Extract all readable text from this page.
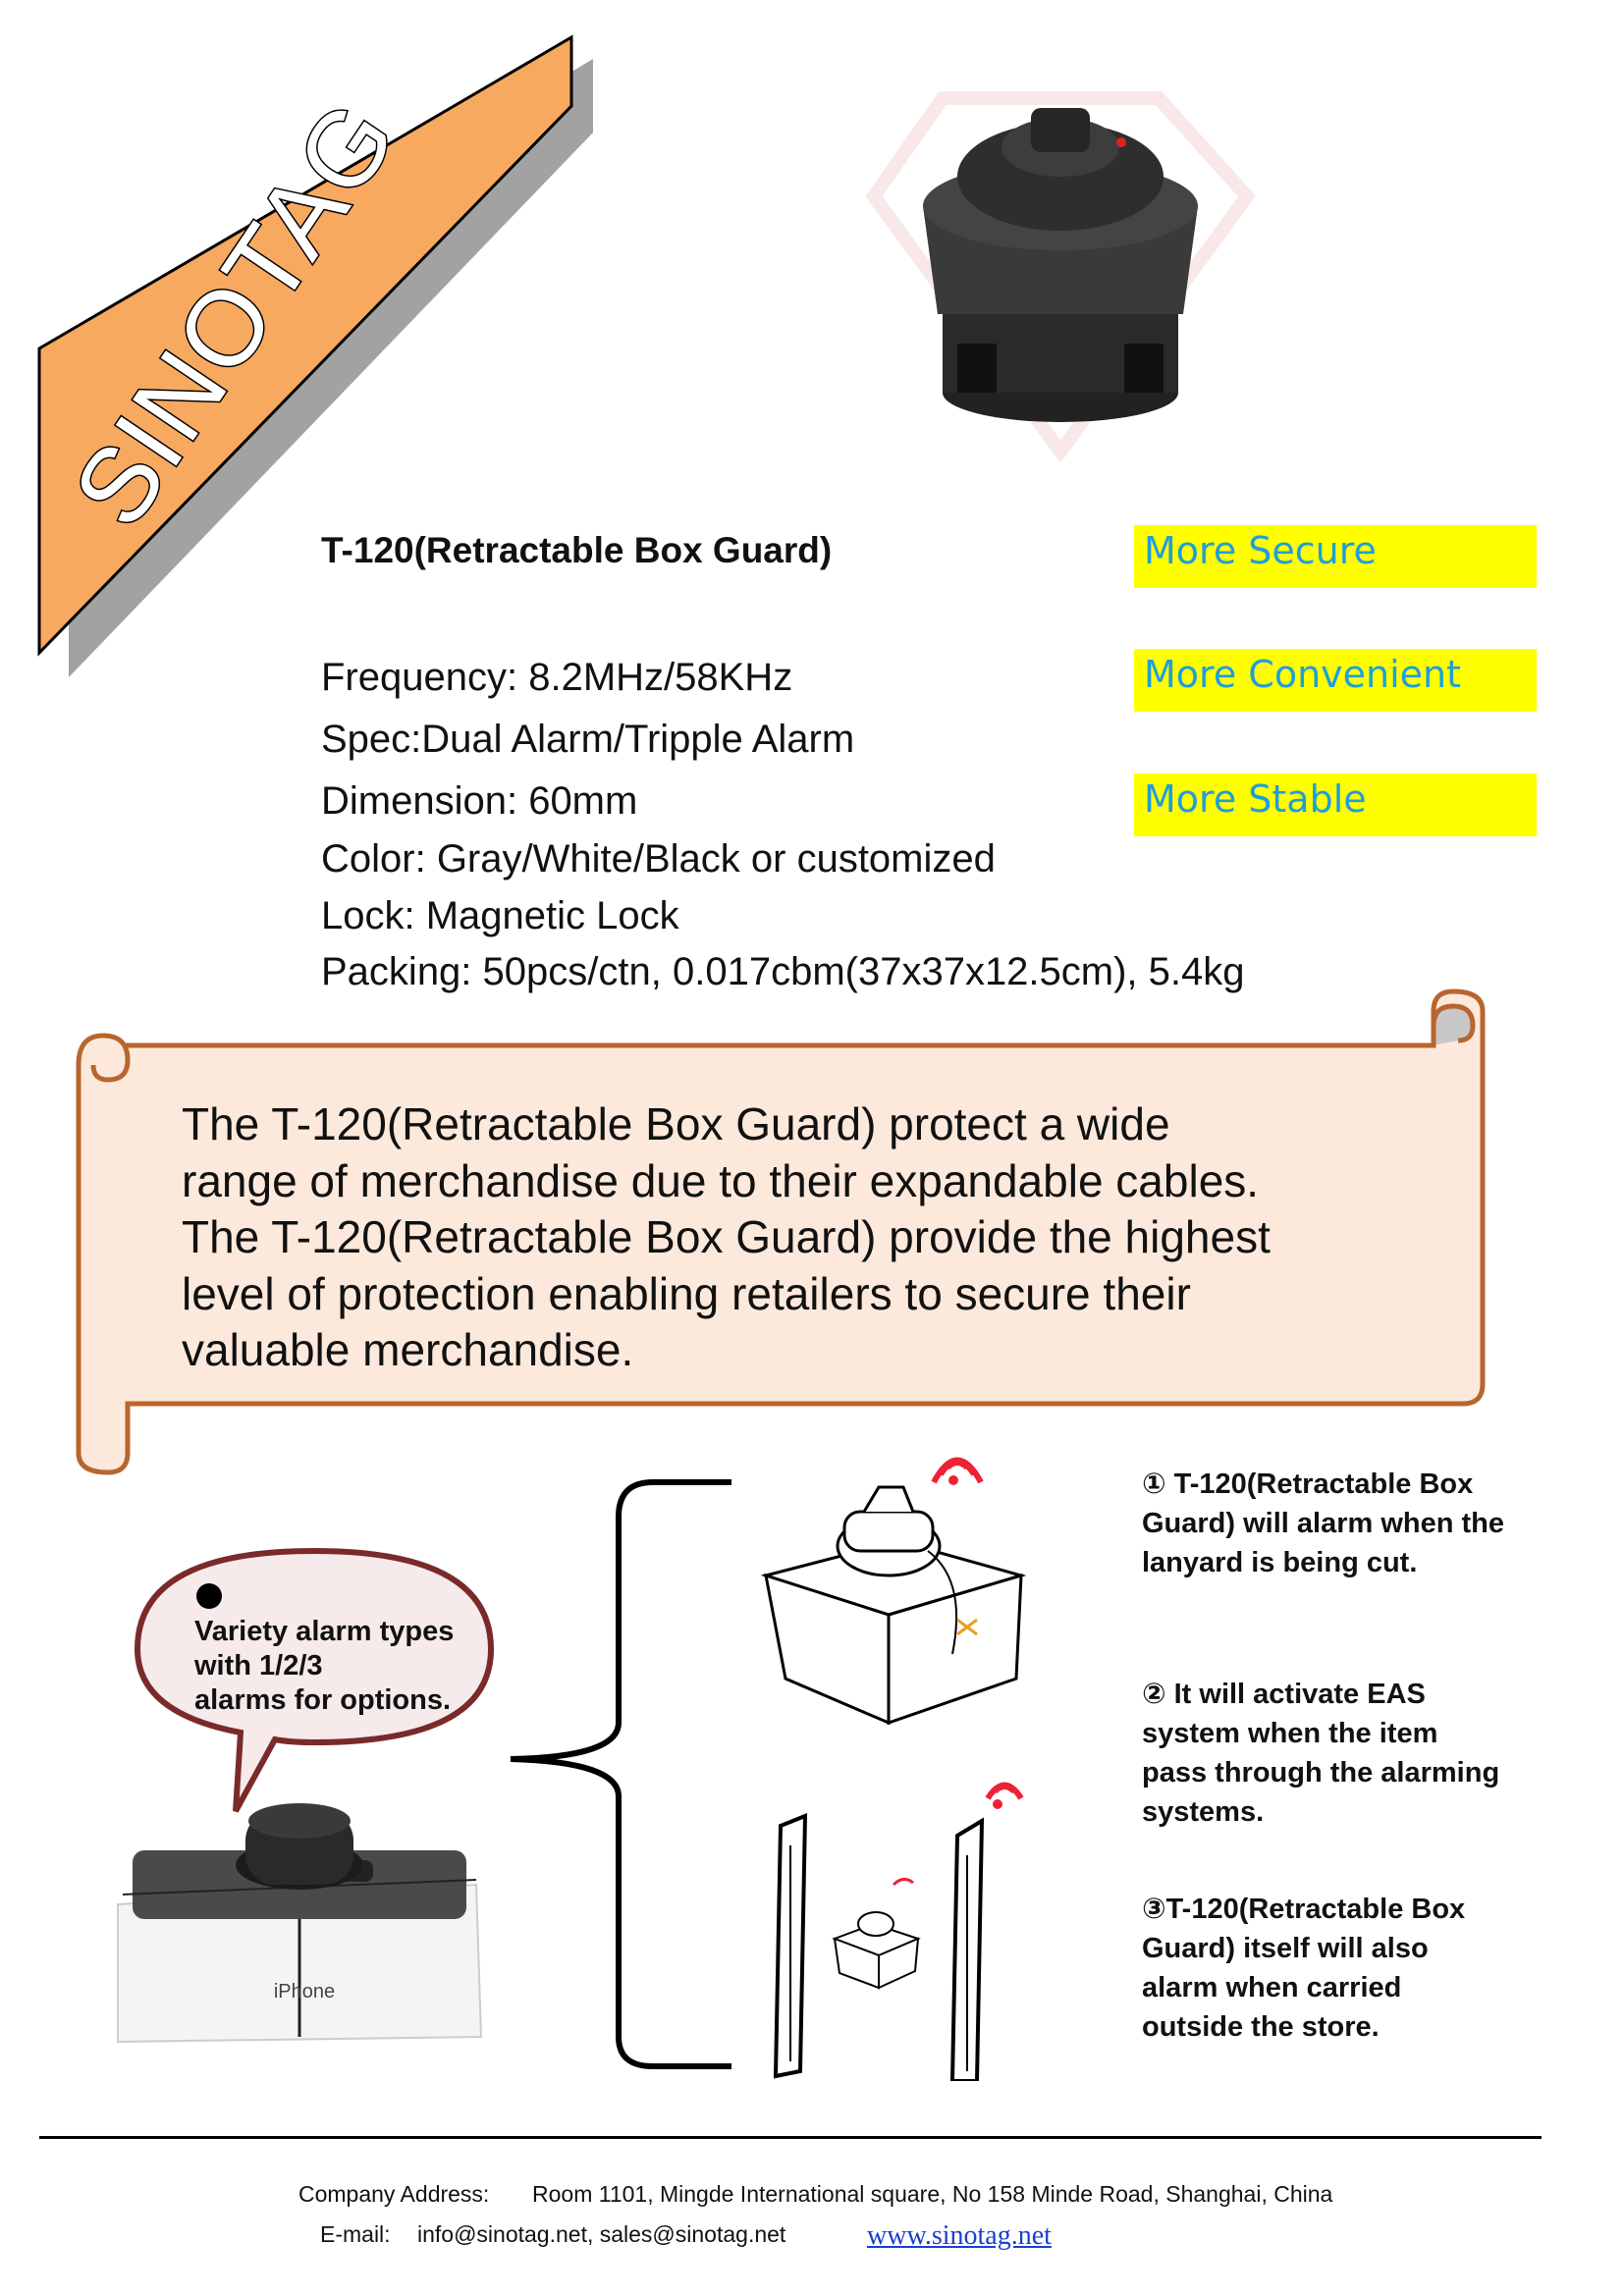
SINOTAG
T-120(Retractable Box Guard)
Frequency: 8.2MHz/58KHz
Spec:Dual Alarm/Tripple Alarm
Dimension: 60mm
Color: Gray/White/Black or customized
Lock: Magnetic Lock
Packing: 50pcs/ctn, 0.017cbm(37x37x12.5cm), 5.4kg
More Secure
More Convenient
More Stable
The T-120(Retractable Box Guard) protect a wide
range of merchandise due to their expandable cables.
The T-120(Retractable Box Guard) provide the highest
level of protection enabling retailers to secure their
valuable merchandise.
Variety alarm types
with 1/2/3
alarms for options.
iPhone
① T-120(Retractable Box
Guard) will alarm when the
lanyard is being cut.
② It will activate EAS
system when the item
pass through the alarming
systems.
③T-120(Retractable Box
Guard) itself will also
alarm when carried
outside the store.
Company Address: Room 1101, Mingde International square, No 158 Minde Road, Shanghai, China
E-mail: info@sinotag.net, sales@sinotag.net	www.sinotag.net
